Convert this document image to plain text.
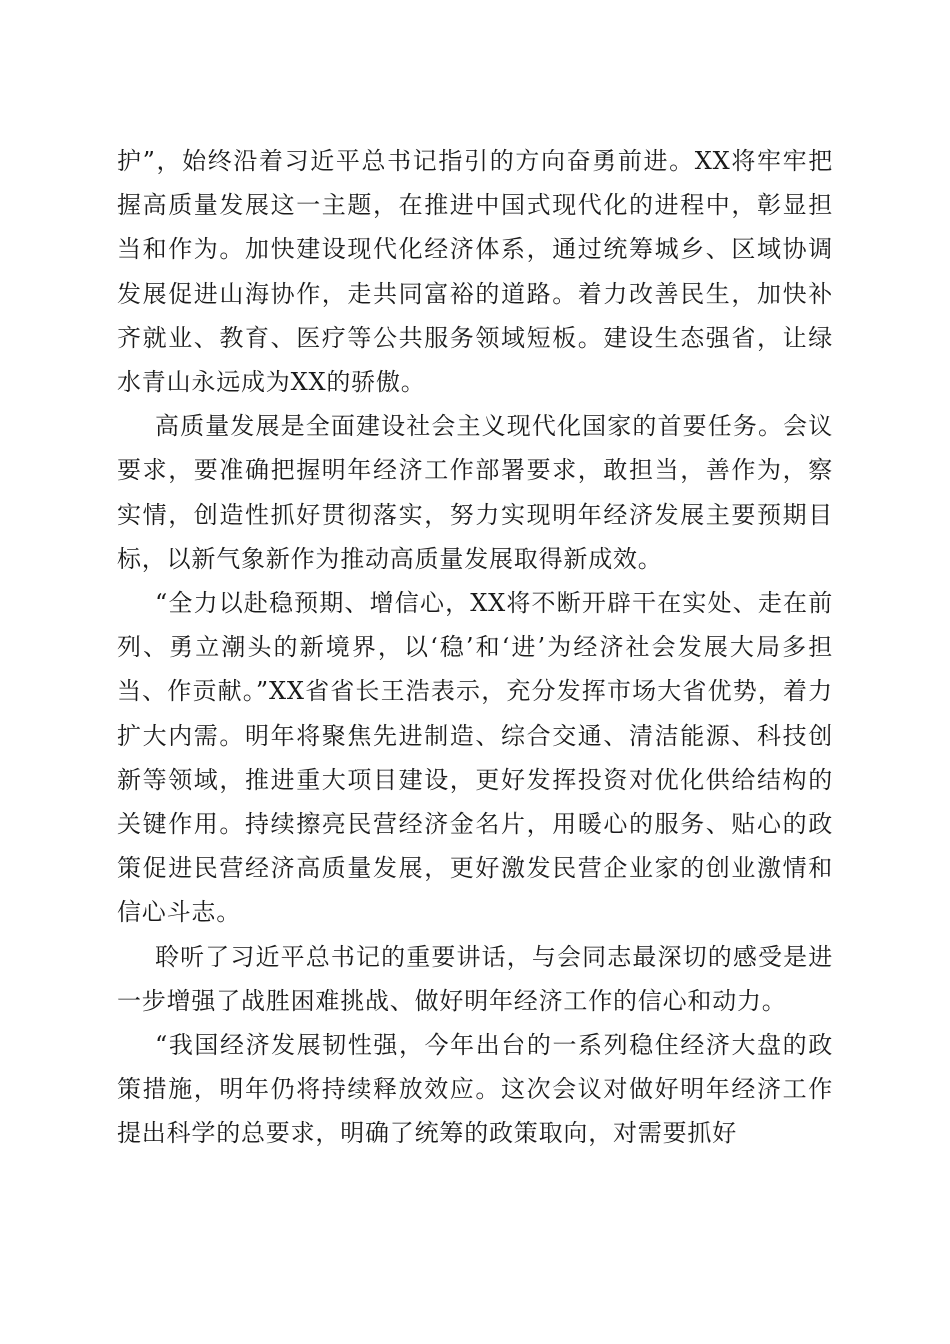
护”，始终沿着习近平总书记指引的方向奋勇前进。XX将牢牢把握高质量发展这一主题，在推进中国式现代化的进程中，彰显担当和作为。加快建设现代化经济体系，通过统筹城乡、区域协调发展促进山海协作，走共同富裕的道路。着力改善民生，加快补齐就业、教育、医疗等公共服务领域短板。建设生态强省，让绿水青山永远成为XX的骄傲。

高质量发展是全面建设社会主义现代化国家的首要任务。会议要求，要准确把握明年经济工作部署要求，敢担当，善作为，察实情，创造性抓好贯彻落实，努力实现明年经济发展主要预期目标，以新气象新作为推动高质量发展取得新成效。

“全力以赴稳预期、增信心，XX将不断开辟干在实处、走在前列、勇立潮头的新境界，以‘稳’和‘进’为经济社会发展大局多担当、作贡献。”XX省省长王浩表示，充分发挥市场大省优势，着力扩大内需。明年将聚焦先进制造、综合交通、清洁能源、科技创新等领域，推进重大项目建设，更好发挥投资对优化供给结构的关键作用。持续擦亮民营经济金名片，用暖心的服务、贴心的政策促进民营经济高质量发展，更好激发民营企业家的创业激情和信心斗志。

聆听了习近平总书记的重要讲话，与会同志最深切的感受是进一步增强了战胜困难挑战、做好明年经济工作的信心和动力。

“我国经济发展韧性强，今年出台的一系列稳住经济大盘的政策措施，明年仍将持续释放效应。这次会议对做好明年经济工作提出科学的总要求，明确了统筹的政策取向，对需要抓好
